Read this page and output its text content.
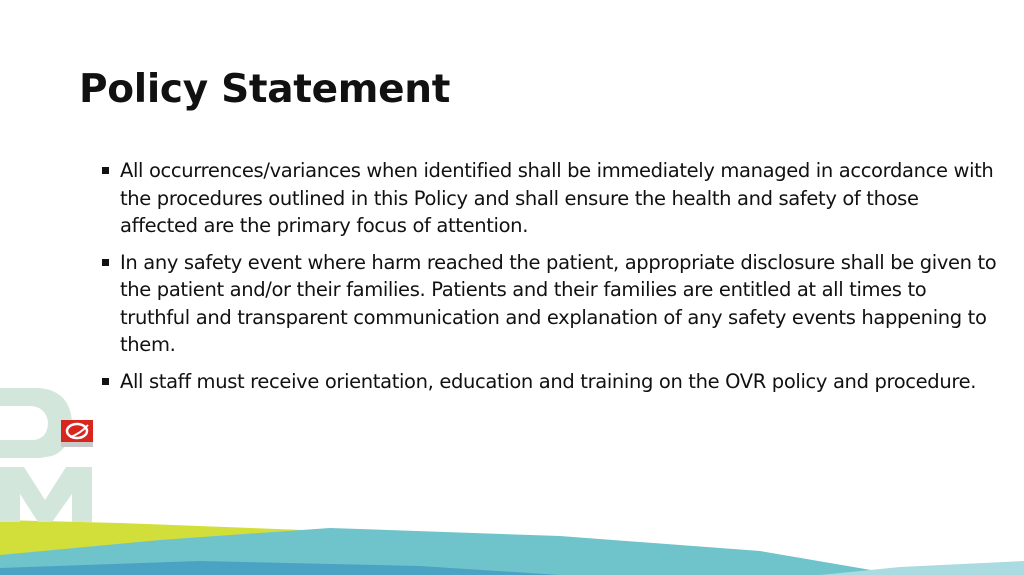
Policy Statement
All occurrences/variances when identified shall be immediately managed in accordance with the procedures outlined in this Policy and shall ensure the health and safety of those affected are the primary focus of attention.
In any safety event where harm reached the patient, appropriate disclosure shall be given to the patient and/or their families. Patients and their families are entitled at all times to truthful and transparent communication and explanation of any safety events happening to them.
All staff must receive orientation, education and training on the OVR policy and procedure.
